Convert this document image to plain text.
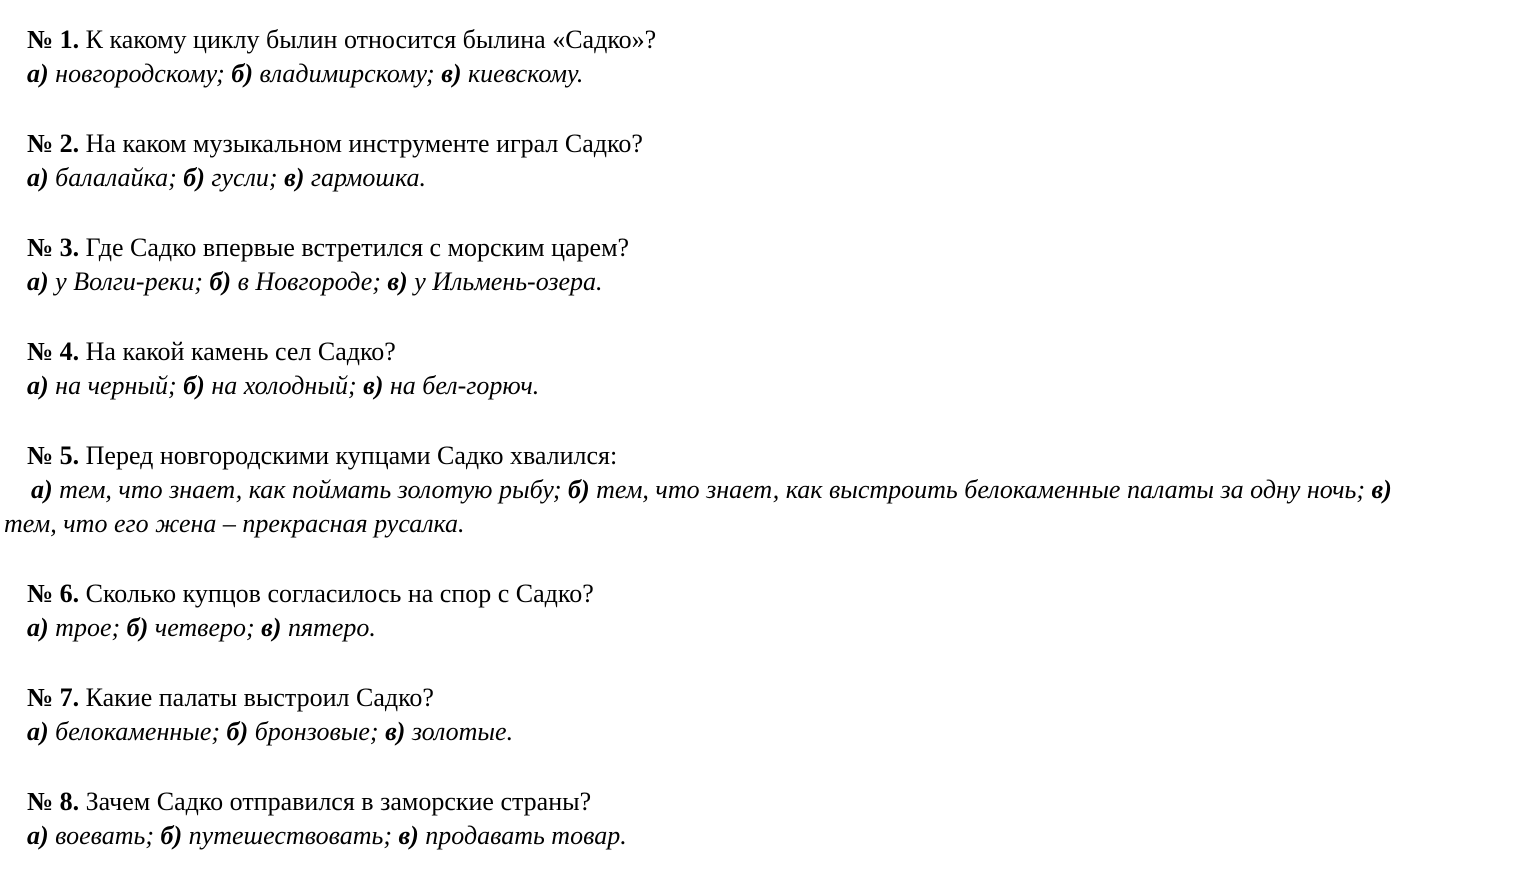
№ 1. К какому циклу былин относится былина «Садко»?
а) новгородскому; б) владимирскому; в) киевскому.
№ 2. На каком музыкальном инструменте играл Садко?
а) балалайка; б) гусли; в) гармошка.
№ 3. Где Садко впервые встретился с морским царем?
а) у Волги-реки; б) в Новгороде; в) у Ильмень-озера.
№ 4. На какой камень сел Садко?
а) на черный; б) на холодный; в) на бел-горюч.
№ 5. Перед новгородскими купцами Садко хвалился:
а) тем, что знает, как поймать золотую рыбу; б) тем, что знает, как выстроить белокаменные палаты за одну ночь; в) тем, что его жена – прекрасная русалка.
№ 6. Сколько купцов согласилось на спор с Садко?
а) трое; б) четверо; в) пятеро.
№ 7. Какие палаты выстроил Садко?
а) белокаменные; б) бронзовые; в) золотые.
№ 8. Зачем Садко отправился в заморские страны?
а) воевать; б) путешествовать; в) продавать товар.
